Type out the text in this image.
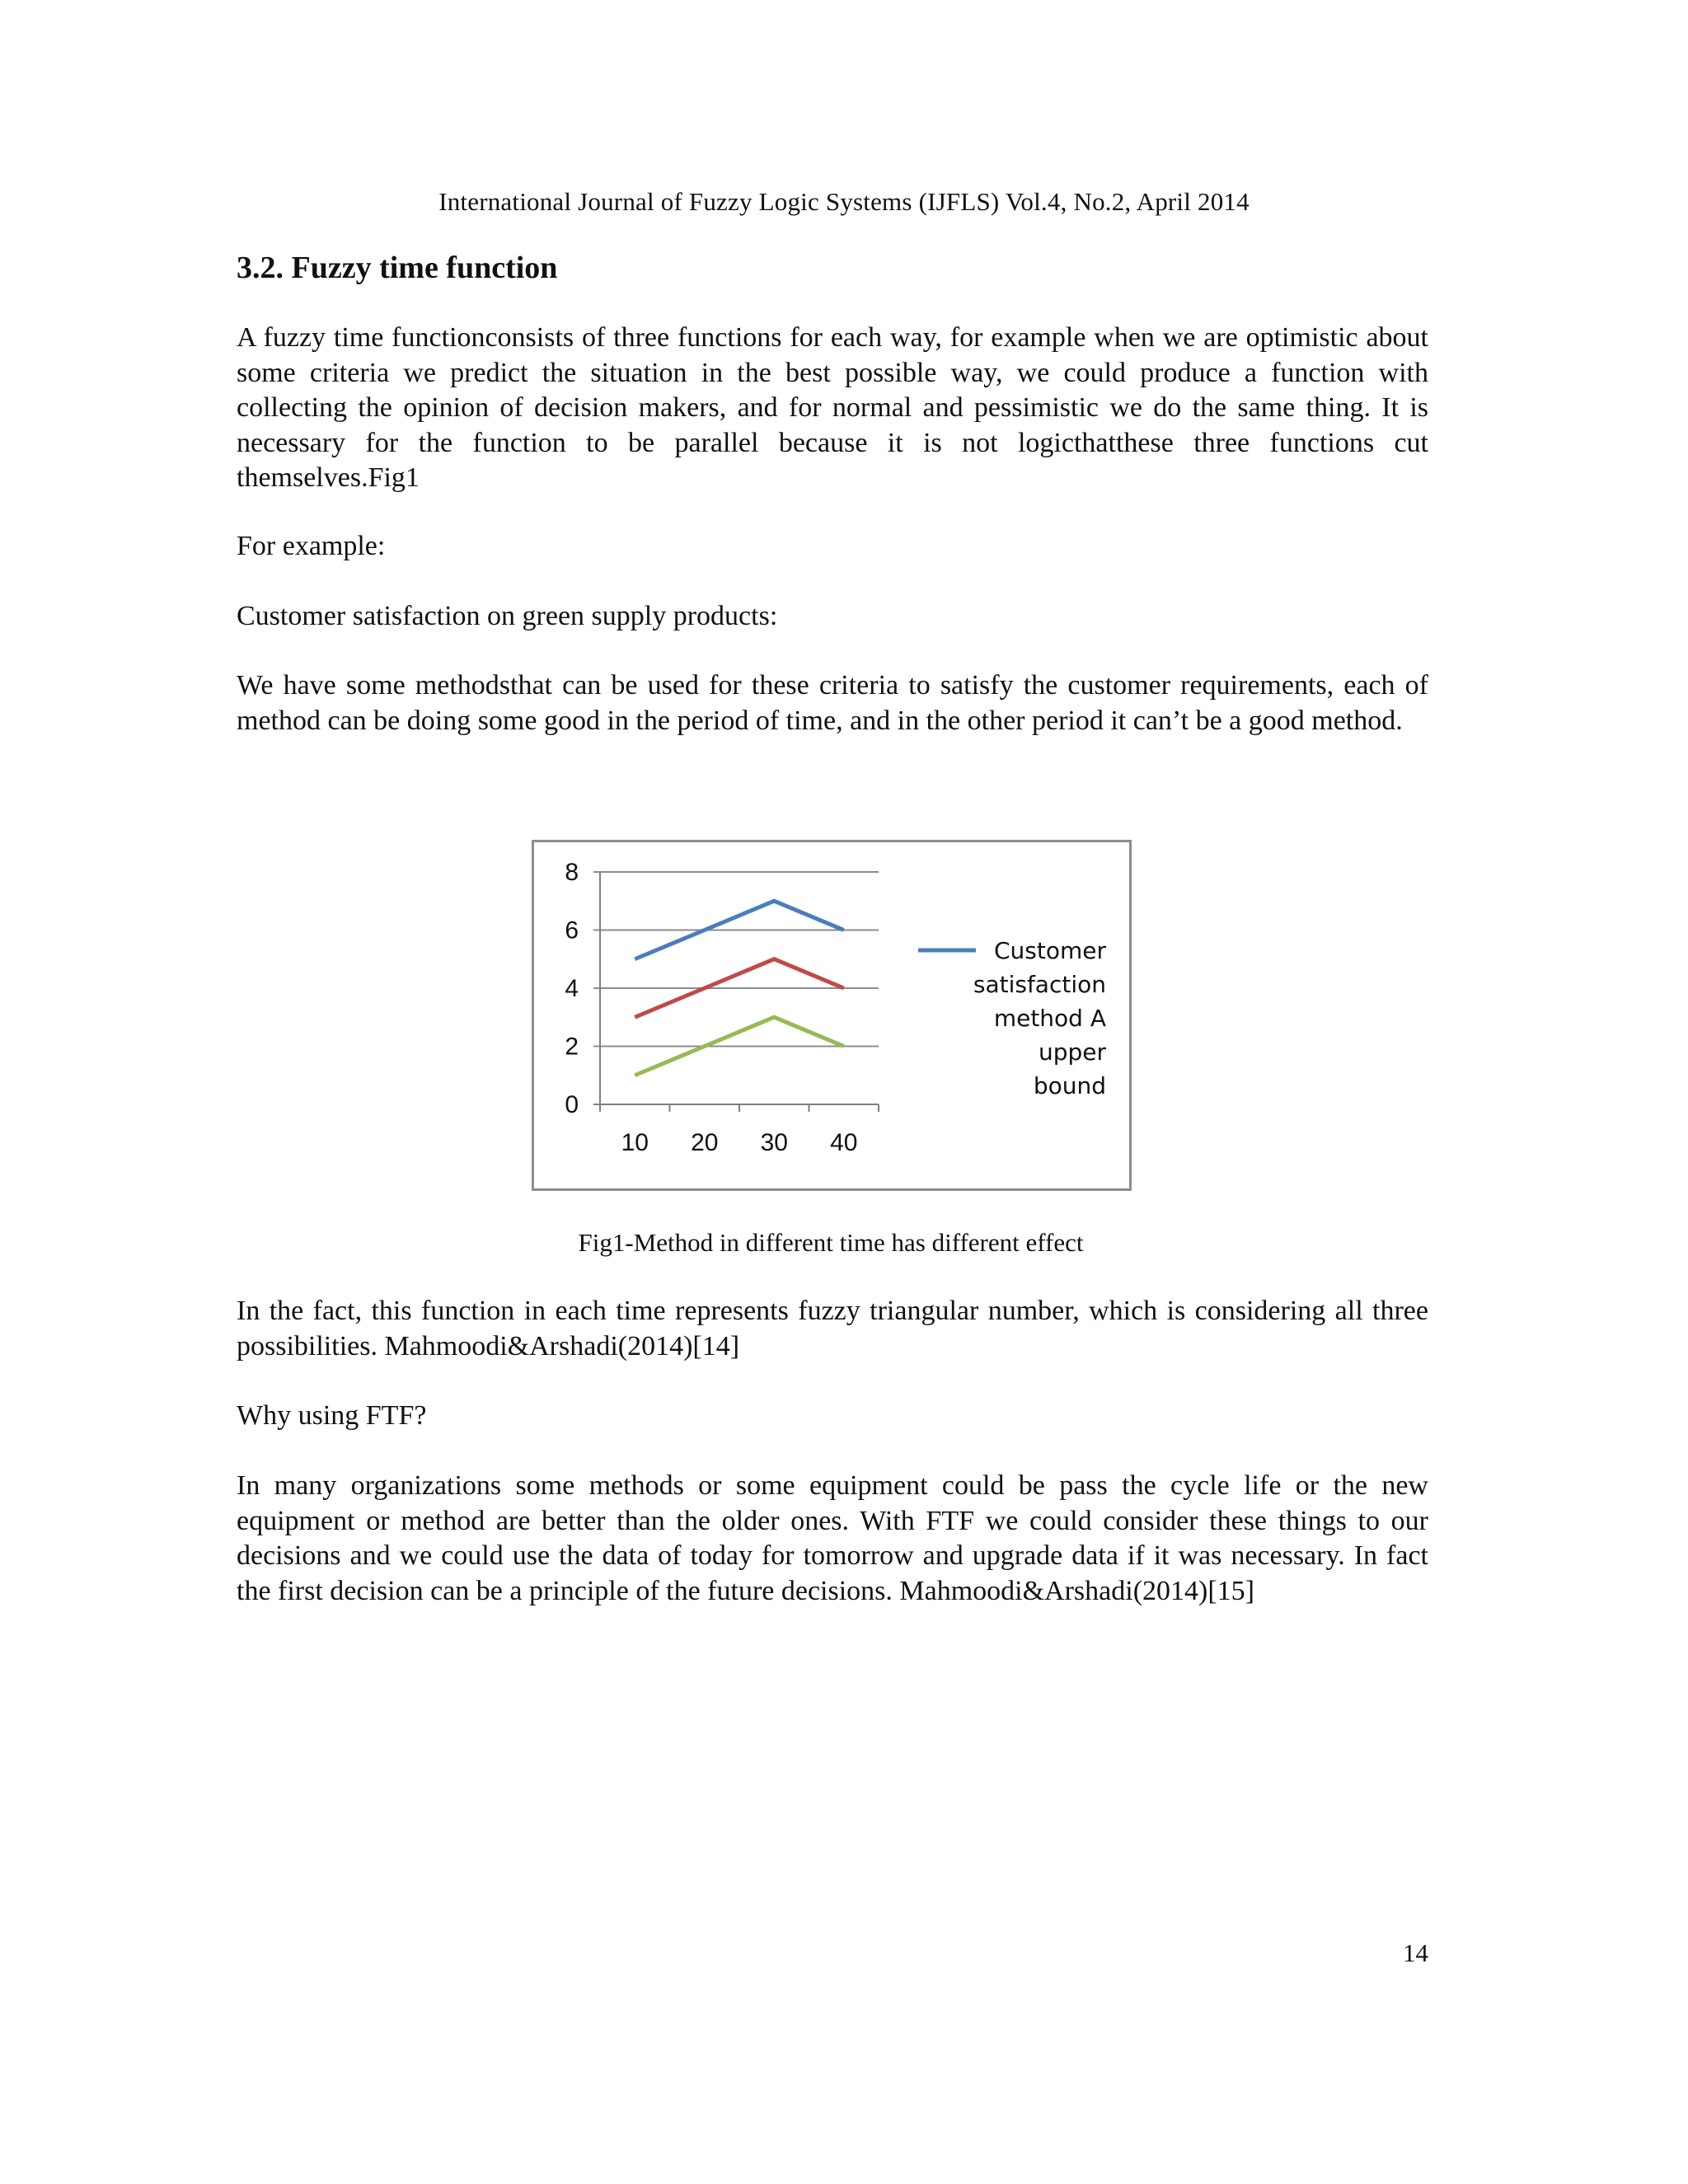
International Journal of Fuzzy Logic Systems (IJFLS) Vol.4, No.2, April 2014
3.2. Fuzzy time function

A fuzzy time functionconsists of three functions for each way, for example when we are optimistic about some criteria we predict the situation in the best possible way, we could produce a function with collecting the opinion of decision makers, and for normal and pessimistic we do the same thing. It is necessary for the function to be parallel because it is not logicthatthese three functions cut themselves.Fig1

For example:

Customer satisfaction on green supply products:

We have some methodsthat can be used for these criteria to satisfy the customer requirements, each of method can be doing some good in the period of time, and in the other period it can’t be a good method.

0
2
4
6
8
10 20 30 40
Customer
satisfaction
method A
upper
bound
Fig1-Method in different time has different effect

In the fact, this function in each time represents fuzzy triangular number, which is considering all three possibilities. Mahmoodi&Arshadi(2014)[14]

Why using FTF?

In many organizations some methods or some equipment could be pass the cycle life or the new equipment or method are better than the older ones. With FTF we could consider these things to our decisions and we could use the data of today for tomorrow and upgrade data if it was necessary. In fact the first decision can be a principle of the future decisions. Mahmoodi&Arshadi(2014)[15]

14
